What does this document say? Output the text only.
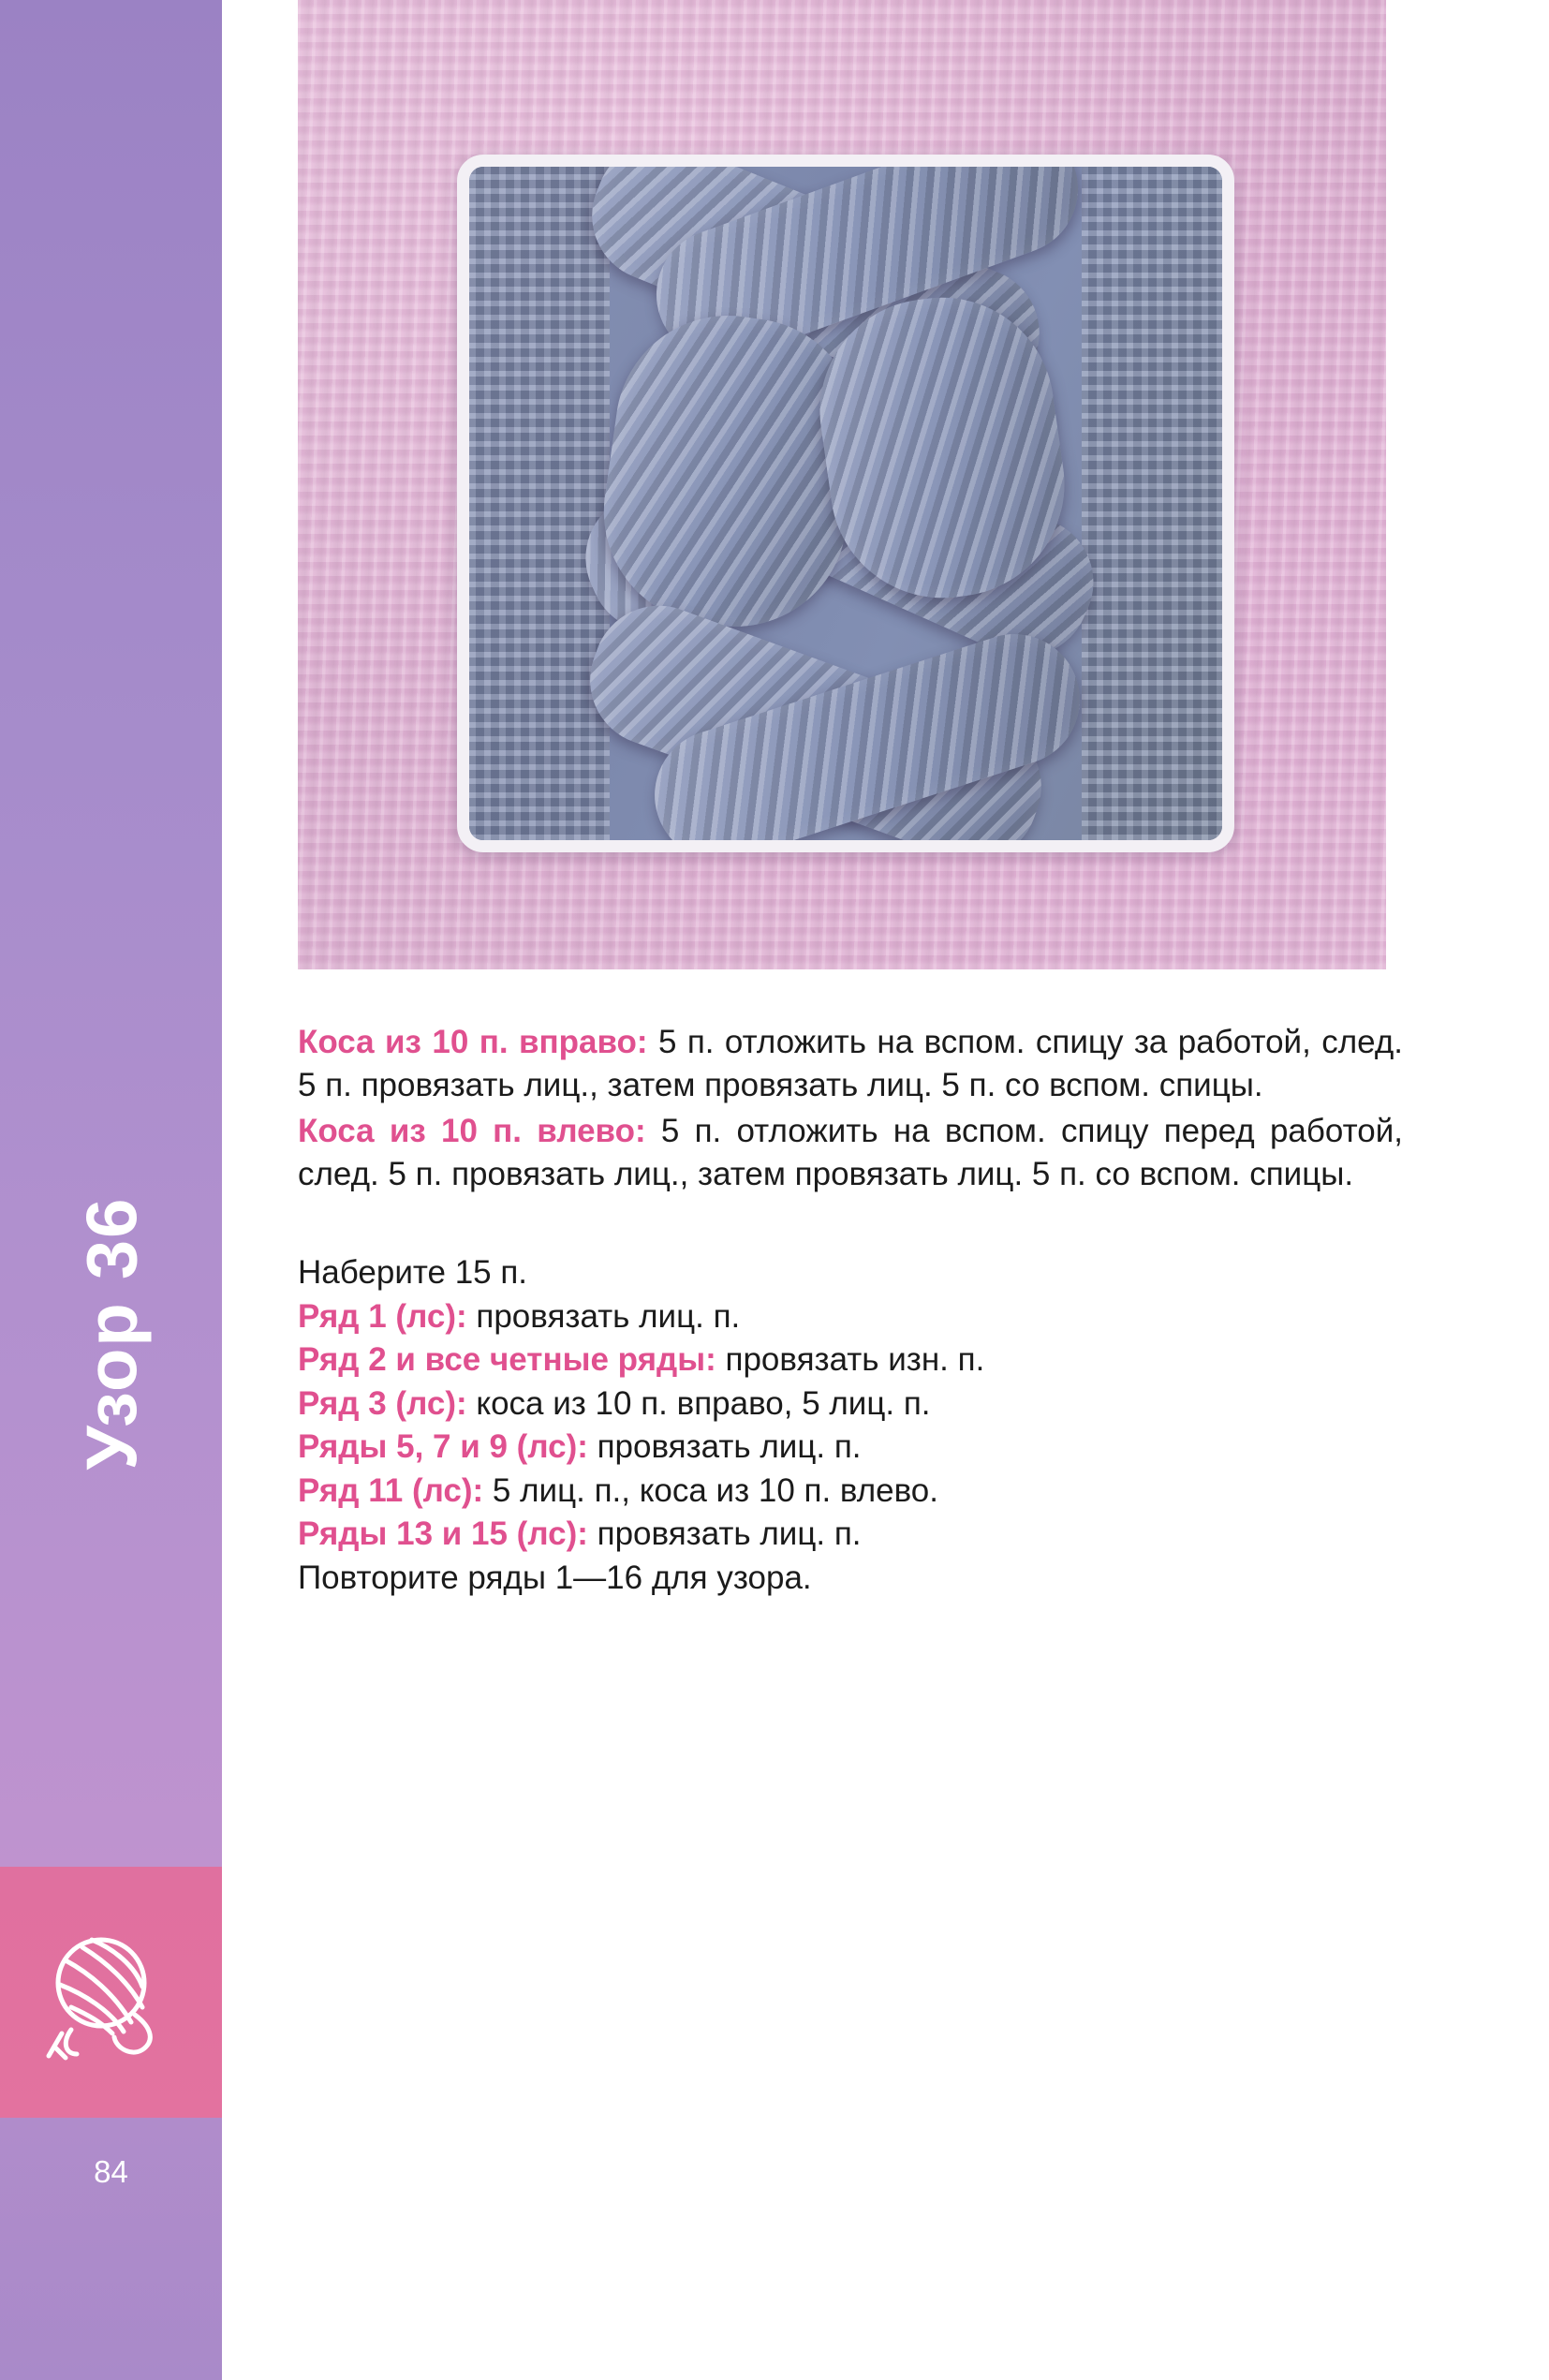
Узор 36
84

Коса из 10 п. вправо: 5 п. отложить на вспом. спицу за работой, след. 5 п. провязать лиц., затем провязать лиц. 5 п. со вспом. спицы.

Коса из 10 п. влево: 5 п. отложить на вспом. спицу перед работой, след. 5 п. провязать лиц., затем провязать лиц. 5 п. со вспом. спицы.

Наберите 15 п.

Ряд 1 (лс): провязать лиц. п.

Ряд 2 и все четные ряды: провязать изн. п.

Ряд 3 (лс): коса из 10 п. вправо, 5 лиц. п.

Ряды 5, 7 и 9 (лс): провязать лиц. п.

Ряд 11 (лс): 5 лиц. п., коса из 10 п. влево.

Ряды 13 и 15 (лс): провязать лиц. п.

Повторите ряды 1—16 для узора.
